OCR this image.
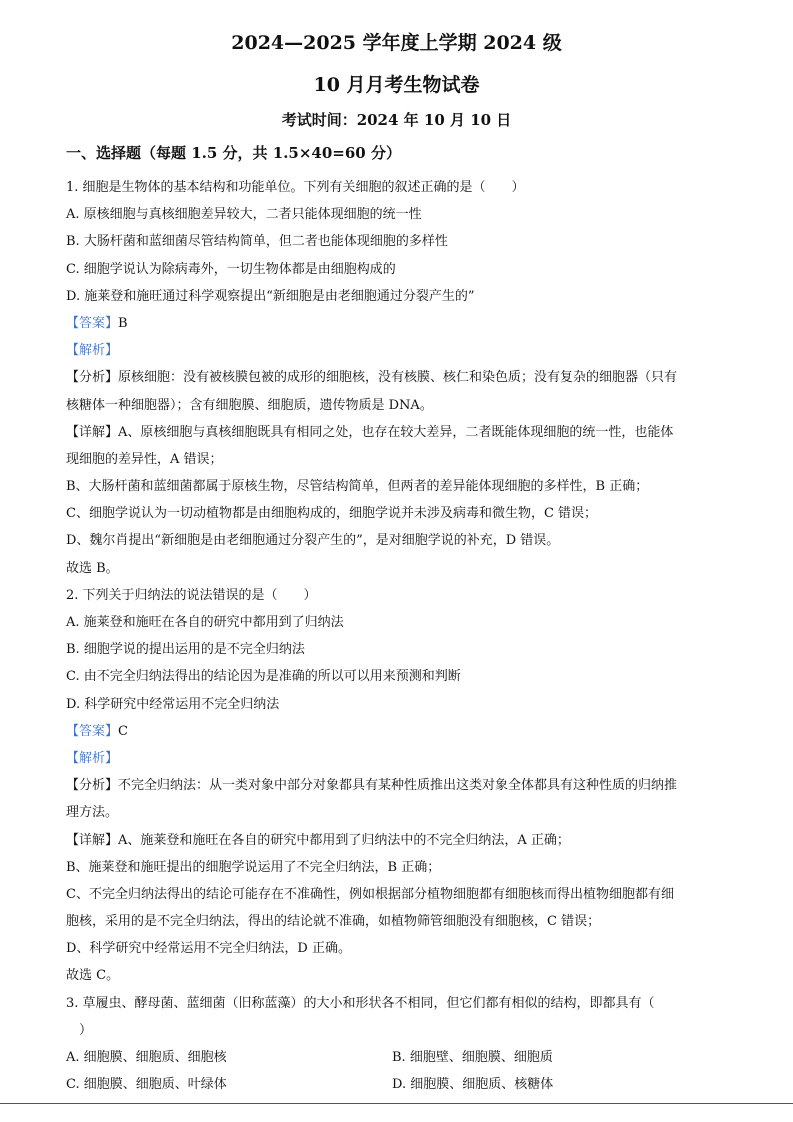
2024—2025 学年度上学期 2024 级
10 月月考生物试卷
考试时间：2024 年 10 月 10 日
一、选择题（每题 1.5 分，共 1.5×40=60 分）
1. 细胞是生物体的基本结构和功能单位。下列有关细胞的叙述正确的是（　　）
A. 原核细胞与真核细胞差异较大，二者只能体现细胞的统一性
B. 大肠杆菌和蓝细菌尽管结构简单，但二者也能体现细胞的多样性
C. 细胞学说认为除病毒外，一切生物体都是由细胞构成的
D. 施莱登和施旺通过科学观察提出“新细胞是由老细胞通过分裂产生的”
【答案】B
【解析】
【分析】原核细胞：没有被核膜包被的成形的细胞核，没有核膜、核仁和染色质；没有复杂的细胞器（只有
核糖体一种细胞器）；含有细胞膜、细胞质，遗传物质是 DNA。
【详解】A、原核细胞与真核细胞既具有相同之处，也存在较大差异，二者既能体现细胞的统一性，也能体
现细胞的差异性，A 错误；
B、大肠杆菌和蓝细菌都属于原核生物，尽管结构简单，但两者的差异能体现细胞的多样性，B 正确；
C、细胞学说认为一切动植物都是由细胞构成的，细胞学说并未涉及病毒和微生物，C 错误；
D、魏尔肖提出“新细胞是由老细胞通过分裂产生的”，是对细胞学说的补充，D 错误。
故选 B。
2. 下列关于归纳法的说法错误的是（　　）
A. 施莱登和施旺在各自的研究中都用到了归纳法
B. 细胞学说的提出运用的是不完全归纳法
C. 由不完全归纳法得出的结论因为是准确的所以可以用来预测和判断
D. 科学研究中经常运用不完全归纳法
【答案】C
【解析】
【分析】不完全归纳法：从一类对象中部分对象都具有某种性质推出这类对象全体都具有这种性质的归纳推
理方法。
【详解】A、施莱登和施旺在各自的研究中都用到了归纳法中的不完全归纳法，A 正确；
B、施莱登和施旺提出的细胞学说运用了不完全归纳法，B 正确；
C、不完全归纳法得出的结论可能存在不准确性，例如根据部分植物细胞都有细胞核而得出植物细胞都有细
胞核，采用的是不完全归纳法，得出的结论就不准确，如植物筛管细胞没有细胞核，C 错误；
D、科学研究中经常运用不完全归纳法，D 正确。
故选 C。
3. 草履虫、酵母菌、蓝细菌（旧称蓝藻）的大小和形状各不相同，但它们都有相似的结构，即都具有（
　）
A. 细胞膜、细胞质、细胞核	B. 细胞壁、细胞膜、细胞质
C. 细胞膜、细胞质、叶绿体	D. 细胞膜、细胞质、核糖体
